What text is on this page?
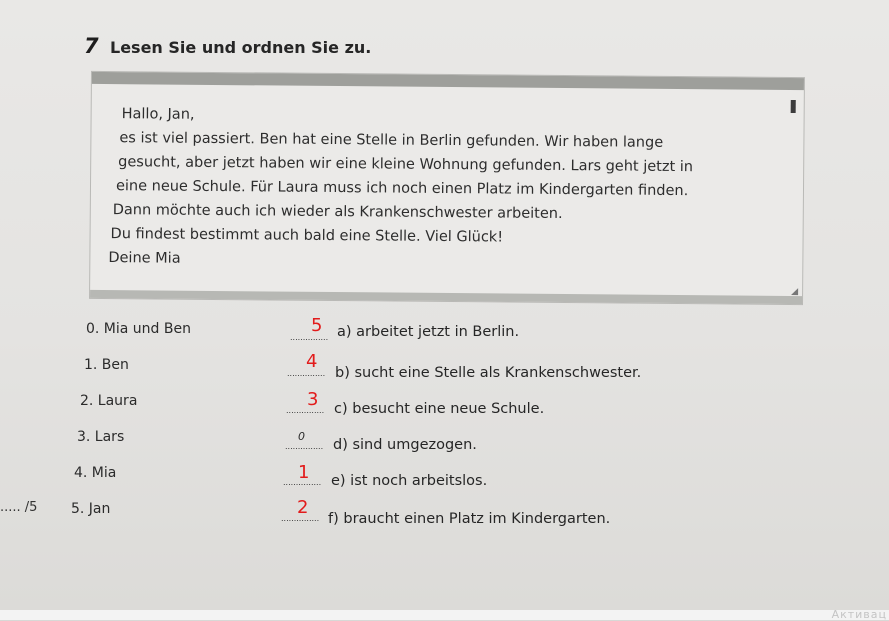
7 Lesen Sie und ordnen Sie zu.
Hallo, Jan,
es ist viel passiert. Ben hat eine Stelle in Berlin gefunden. Wir haben lange
gesucht, aber jetzt haben wir eine kleine Wohnung gefunden. Lars geht jetzt in
eine neue Schule. Für Laura muss ich noch einen Platz im Kindergarten finden.
Dann möchte auch ich wieder als Krankenschwester arbeiten.
Du findest bestimmt auch bald eine Stelle. Viel Glück!
Deine Mia
0. Mia und Ben
...............
5 a) arbeitet jetzt in Berlin.
1. Ben
...............
4
b) sucht eine Stelle als Krankenschwester.
2. Laura
...............
3 c) besucht eine neue Schule.
3. Lars
...............
0
d) sind umgezogen.
4. Mia
...............
1 e) ist noch arbeitslos.
5. Jan
...............
2
f) braucht einen Platz im Kindergarten.
..... /5
Активац
